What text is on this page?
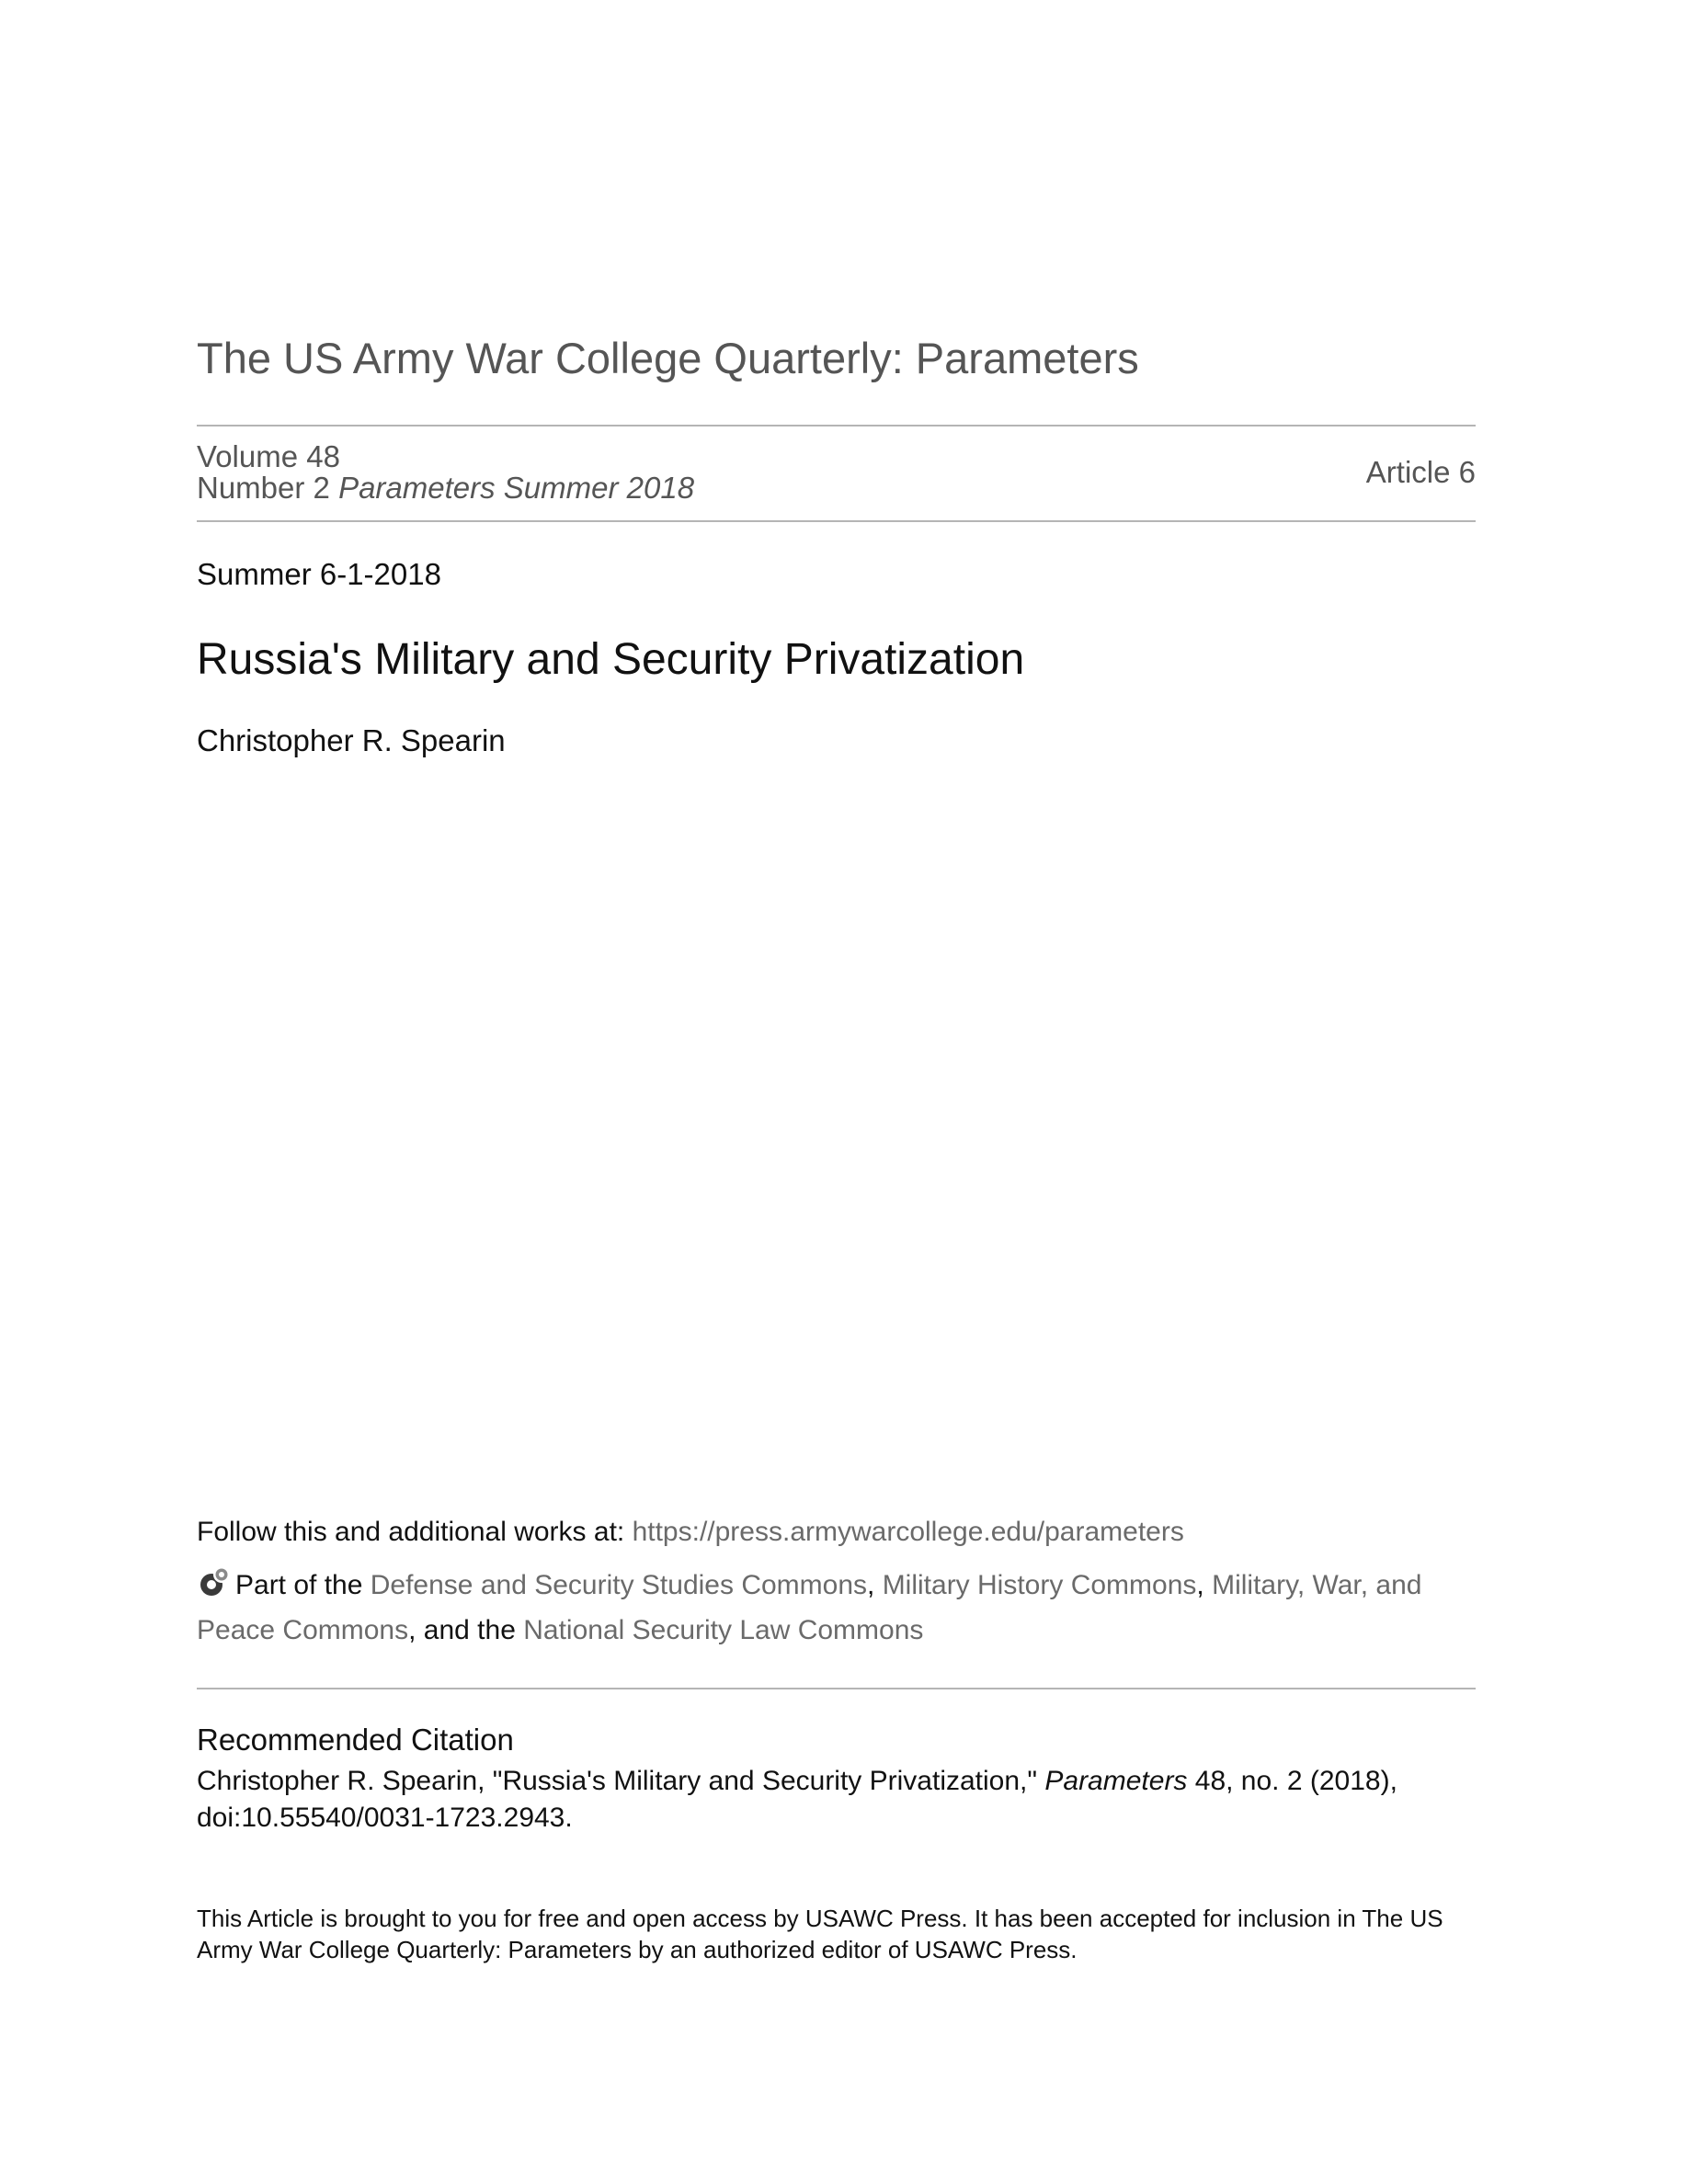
The US Army War College Quarterly: Parameters
Volume 48
Number 2 Parameters Summer 2018	Article 6
Summer 6-1-2018
Russia's Military and Security Privatization
Christopher R. Spearin
Follow this and additional works at: https://press.armywarcollege.edu/parameters
Part of the Defense and Security Studies Commons, Military History Commons, Military, War, and Peace Commons, and the National Security Law Commons
Recommended Citation
Christopher R. Spearin, "Russia's Military and Security Privatization," Parameters 48, no. 2 (2018), doi:10.55540/0031-1723.2943.
This Article is brought to you for free and open access by USAWC Press. It has been accepted for inclusion in The US Army War College Quarterly: Parameters by an authorized editor of USAWC Press.
